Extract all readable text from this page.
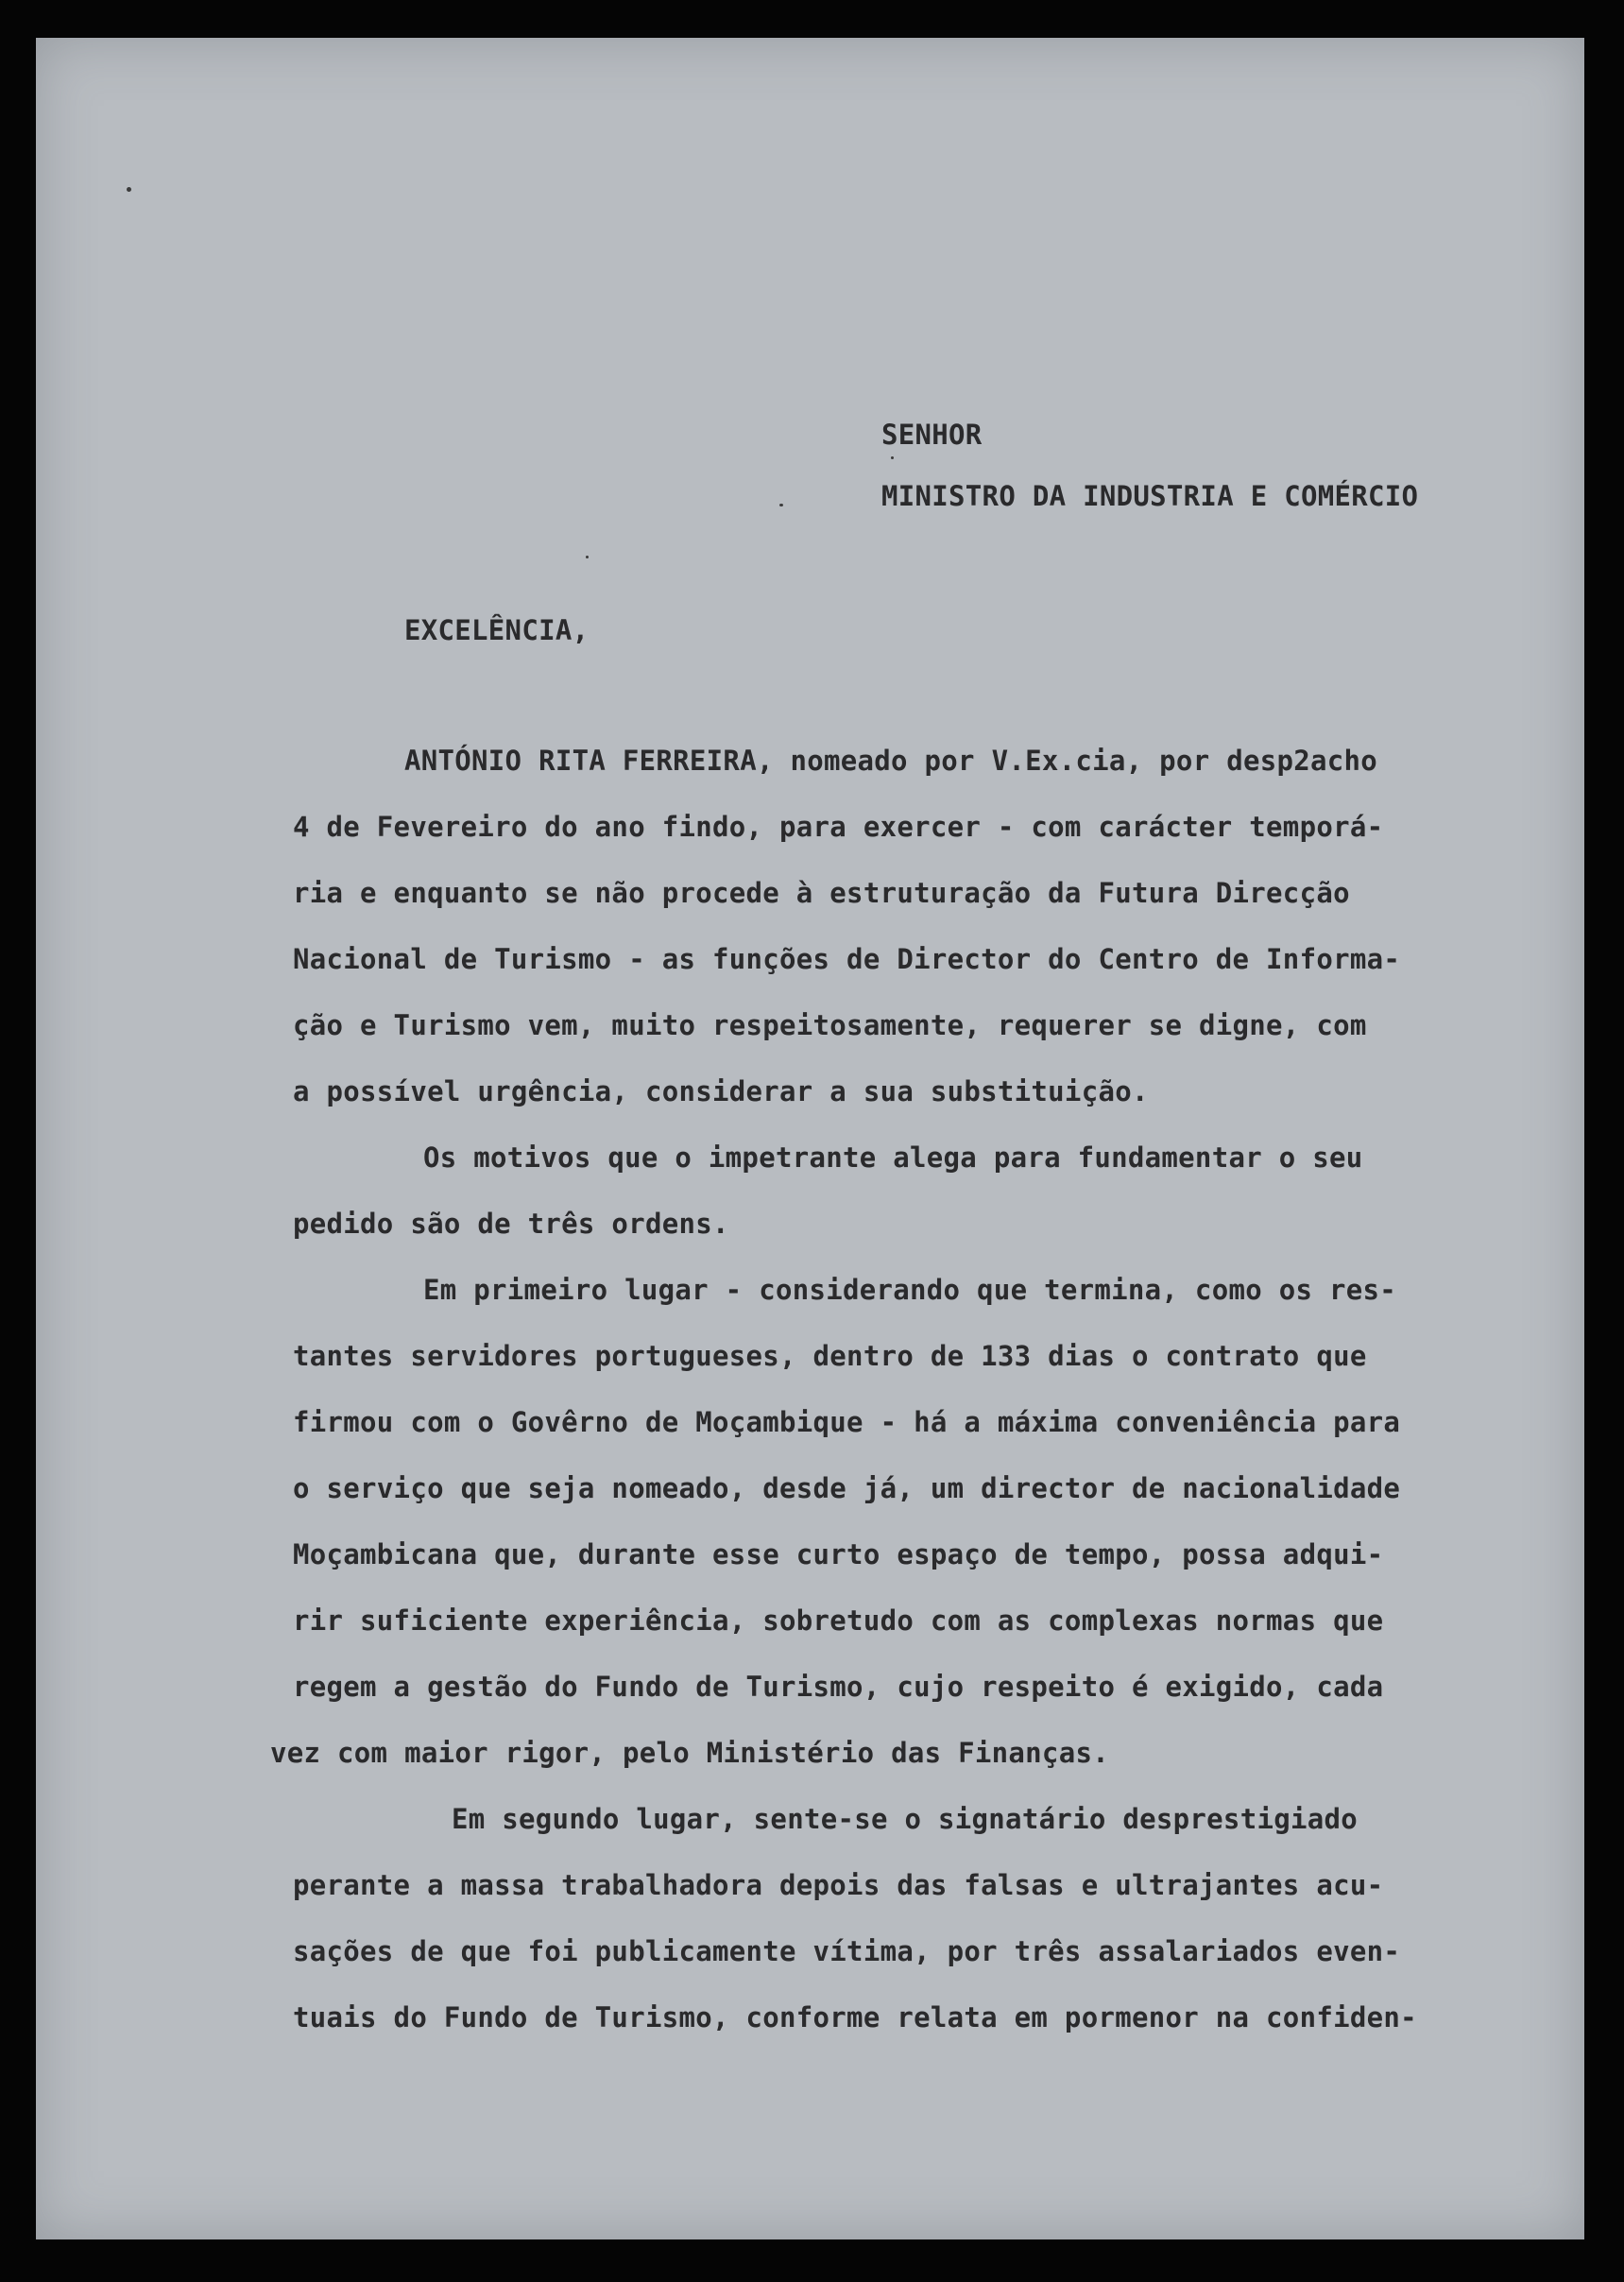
SENHOR
MINISTRO DA INDUSTRIA E COMÉRCIO
EXCELÊNCIA,
ANTÓNIO RITA FERREIRA, nomeado por V.Ex.cia, por desp2acho
4 de Fevereiro do ano findo, para exercer - com carácter temporá-
ria e enquanto se não procede à estruturação da Futura Direcção
Nacional de Turismo - as funções de Director do Centro de Informa-
ção e Turismo vem, muito respeitosamente, requerer se digne, com
a possível urgência, considerar a sua substituição.
Os motivos que o impetrante alega para fundamentar o seu
pedido são de três ordens.
Em primeiro lugar - considerando que termina, como os res-
tantes servidores portugueses, dentro de 133 dias o contrato que
firmou com o Govêrno de Moçambique - há a máxima conveniência para
o serviço que seja nomeado, desde já, um director de nacionalidade
Moçambicana que, durante esse curto espaço de tempo, possa adqui-
rir suficiente experiência, sobretudo com as complexas normas que
regem a gestão do Fundo de Turismo, cujo respeito é exigido, cada
vez com maior rigor, pelo Ministério das Finanças.
Em segundo lugar, sente-se o signatário desprestigiado
perante a massa trabalhadora depois das falsas e ultrajantes acu-
sações de que foi publicamente vítima, por três assalariados even-
tuais do Fundo de Turismo, conforme relata em pormenor na confiden-
